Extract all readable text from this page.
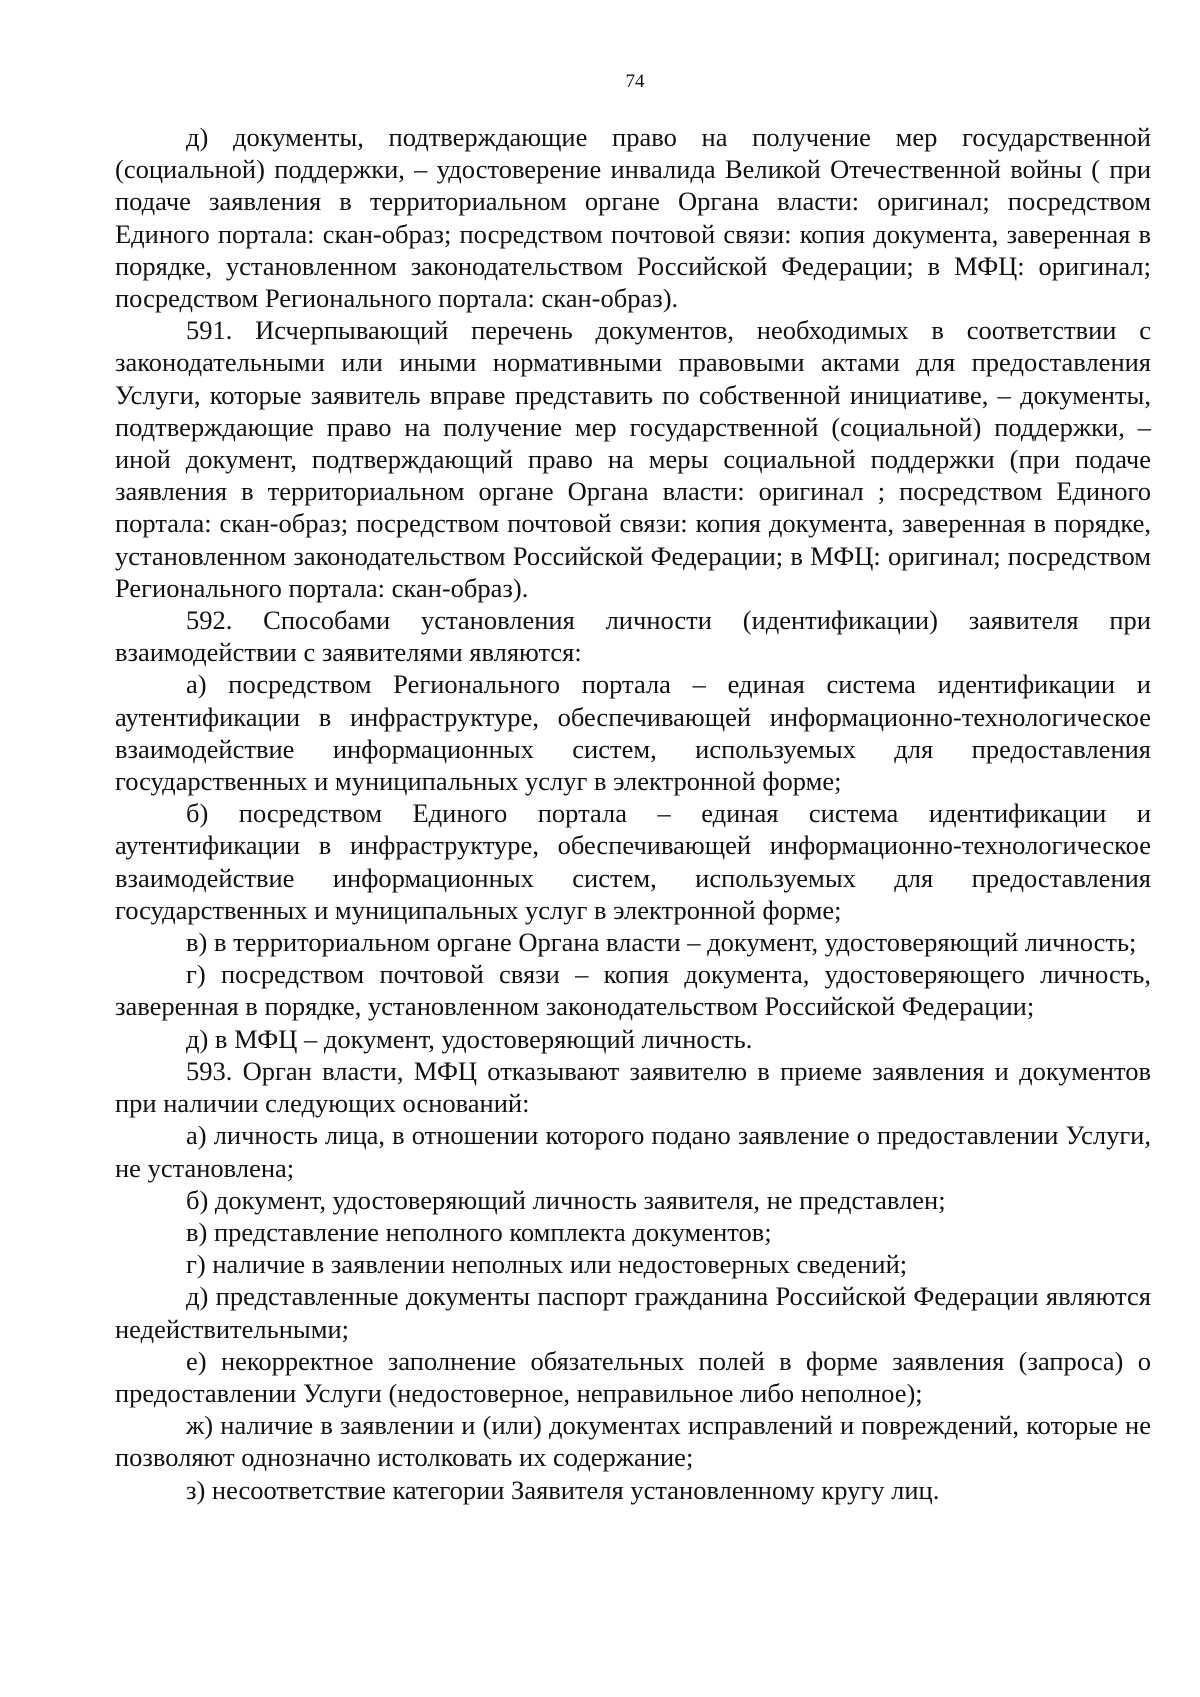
74

д) документы, подтверждающие право на получение мер государственной (социальной) поддержки, – удостоверение инвалида Великой Отечественной войны ( при подаче заявления в территориальном органе Органа власти: оригинал; посредством Единого портала: скан-образ; посредством почтовой связи: копия документа, заверенная в порядке, установленном законодательством Российской Федерации; в МФЦ: оригинал; посредством Регионального портала: скан-образ).

591. Исчерпывающий перечень документов, необходимых в соответствии с законодательными или иными нормативными правовыми актами для предоставления Услуги, которые заявитель вправе представить по собственной инициативе, – документы, подтверждающие право на получение мер государственной (социальной) поддержки, – иной документ, подтверждающий право на меры социальной поддержки (при подаче заявления в территориальном органе Органа власти: оригинал ; посредством Единого портала: скан-образ; посредством почтовой связи: копия документа, заверенная в порядке, установленном законодательством Российской Федерации; в МФЦ: оригинал; посредством Регионального портала: скан-образ).

592. Способами установления личности (идентификации) заявителя при взаимодействии с заявителями являются:

а) посредством Регионального портала – единая система идентификации и аутентификации в инфраструктуре, обеспечивающей информационно-технологическое взаимодействие информационных систем, используемых для предоставления государственных и муниципальных услуг в электронной форме;

б) посредством Единого портала – единая система идентификации и аутентификации в инфраструктуре, обеспечивающей информационно-технологическое взаимодействие информационных систем, используемых для предоставления государственных и муниципальных услуг в электронной форме;

в) в территориальном органе Органа власти – документ, удостоверяющий личность;

г) посредством почтовой связи – копия документа, удостоверяющего личность, заверенная в порядке, установленном законодательством Российской Федерации;

д) в МФЦ – документ, удостоверяющий личность.

593. Орган власти, МФЦ отказывают заявителю в приеме заявления и документов при наличии следующих оснований:

а) личность лица, в отношении которого подано заявление о предоставлении Услуги, не установлена;

б) документ, удостоверяющий личность заявителя, не представлен;

в) представление неполного комплекта документов;

г) наличие в заявлении неполных или недостоверных сведений;

д) представленные документы паспорт гражданина Российской Федерации являются недействительными;

е) некорректное заполнение обязательных полей в форме заявления (запроса) о предоставлении Услуги (недостоверное, неправильное либо неполное);

ж) наличие в заявлении и (или) документах исправлений и повреждений, которые не позволяют однозначно истолковать их содержание;

з) несоответствие категории Заявителя установленному кругу лиц.
